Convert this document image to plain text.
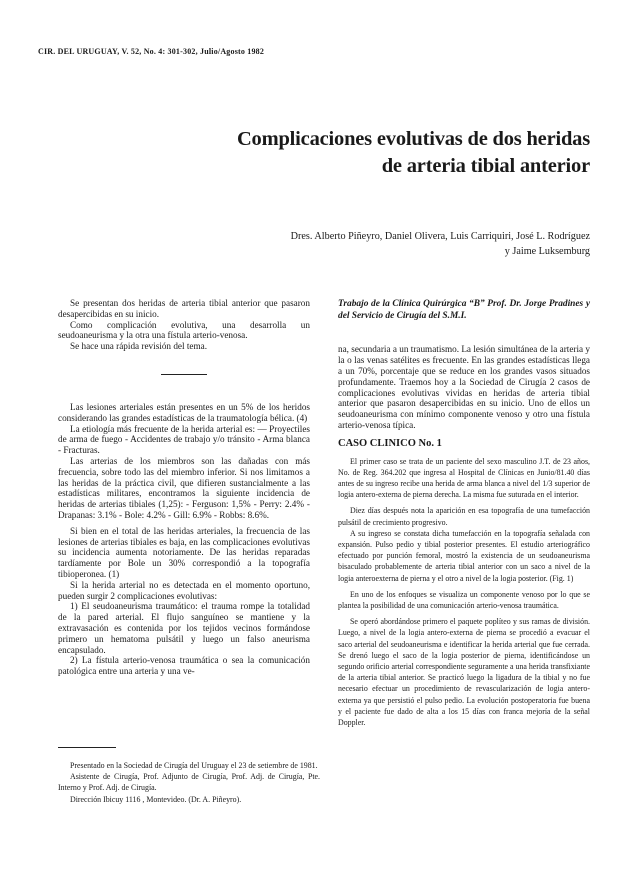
CIR. DEL URUGUAY, V. 52, No. 4: 301-302, Julio/Agosto 1982
Complicaciones evolutivas de dos heridas
de arteria tibial anterior
Dres. Alberto Piñeyro, Daniel Olivera, Luis Carriquiri, José L. Rodríguez
y Jaime Luksemburg

Se presentan dos heridas de arteria tibial anterior que pasaron desapercibidas en su inicio.

Como complicación evolutiva, una desarrolla un seudoaneurisma y la otra una fístula arterio-venosa.

Se hace una rápida revisión del tema.

Las lesiones arteriales están presentes en un 5% de los heridos considerando las grandes estadísticas de la traumatología bélica. (4)

La etiología más frecuente de la herida arterial es: — Proyectiles de arma de fuego - Accidentes de trabajo y/o tránsito - Arma blanca - Fracturas.

Las arterias de los miembros son las dañadas con más frecuencia, sobre todo las del miembro inferior. Si nos limitamos a las heridas de la práctica civil, que difieren sustancialmente a las estadísticas militares, encontramos la siguiente incidencia de heridas de arterias tibiales (1,25): - Ferguson: 1,5% - Perry: 2.4% - Drapanas: 3.1% - Bole: 4.2% - Gill: 6.9% - Robbs: 8.6%.

Si bien en el total de las heridas arteriales, la frecuencia de las lesiones de arterias tibiales es baja, en las complicaciones evolutivas su incidencia aumenta notoriamente. De las heridas reparadas tardíamente por Bole un 30% correspondió a la topografía tibioperonea. (1)

Si la herida arterial no es detectada en el momento oportuno, pueden surgir 2 complicaciones evolutivas:

1) El seudoaneurisma traumático: el trauma rompe la totalidad de la pared arterial. El flujo sanguíneo se mantiene y la extravasación es contenida por los tejidos vecinos formándose primero un hematoma pulsátil y luego un falso aneurisma encapsulado.

2) La fístula arterio-venosa traumática o sea la comunicación patológica entre una arteria y una ve-

Presentado en la Sociedad de Cirugía del Uruguay el 23 de setiembre de 1981.

Asistente de Cirugía, Prof. Adjunto de Cirugía, Prof. Adj. de Cirugía, Pte. Interno y Prof. Adj. de Cirugía.

Dirección Ibicuy 1116 , Montevideo. (Dr. A. Piñeyro).

Trabajo de la Clínica Quirúrgica “B” Prof. Dr. Jorge Pradines y del Servicio de Cirugía del S.M.I.

na, secundaria a un traumatismo. La lesión simultánea de la arteria y la o las venas satélites es frecuente. En las grandes estadísticas llega a un 70%, porcentaje que se reduce en los grandes vasos situados profundamente. Traemos hoy a la Sociedad de Cirugía 2 casos de complicaciones evolutivas vividas en heridas de arteria tibial anterior que pasaron desapercibidas en su inicio. Uno de ellos un seudoaneurisma con mínimo componente venoso y otro una fístula arterio-venosa típica.

CASO CLINICO No. 1

El primer caso se trata de un paciente del sexo masculino J.T. de 23 años, No. de Reg. 364.202 que ingresa al Hospital de Clínicas en Junio/81.40 días antes de su ingreso recibe una herida de arma blanca a nivel del 1/3 superior de logia antero-externa de pierna derecha. La misma fue suturada en el interior.

Diez días después nota la aparición en esa topografía de una tumefacción pulsátil de crecimiento progresivo.

A su ingreso se constata dicha tumefacción en la topografía señalada con expansión. Pulso pedio y tibial posterior presentes. El estudio arteriográfico efectuado por punción femoral, mostró la existencia de un seudoaneurisma bisaculado probablemente de arteria tibial anterior con un saco a nivel de la logia anteroexterna de pierna y el otro a nivel de la logia posterior. (Fig. 1)

En uno de los enfoques se visualiza un componente venoso por lo que se plantea la posibilidad de una comunicación arterio-venosa traumática.

Se operó abordándose primero el paquete poplíteo y sus ramas de división. Luego, a nivel de la logia antero-externa de pierna se procedió a evacuar el saco arterial del seudoaneurisma e identificar la herida arterial que fue cerrada. Se drenó luego el saco de la logia posterior de pierna, identificándose un segundo orificio arterial correspondiente seguramente a una herida transfixiante de la arteria tibial anterior. Se practicó luego la ligadura de la tibial y no fue necesario efectuar un procedimiento de revascularización de logia antero-externa ya que persistió el pulso pedio. La evolución postoperatoria fue buena y el paciente fue dado de alta a los 15 días con franca mejoría de la señal Doppler.
